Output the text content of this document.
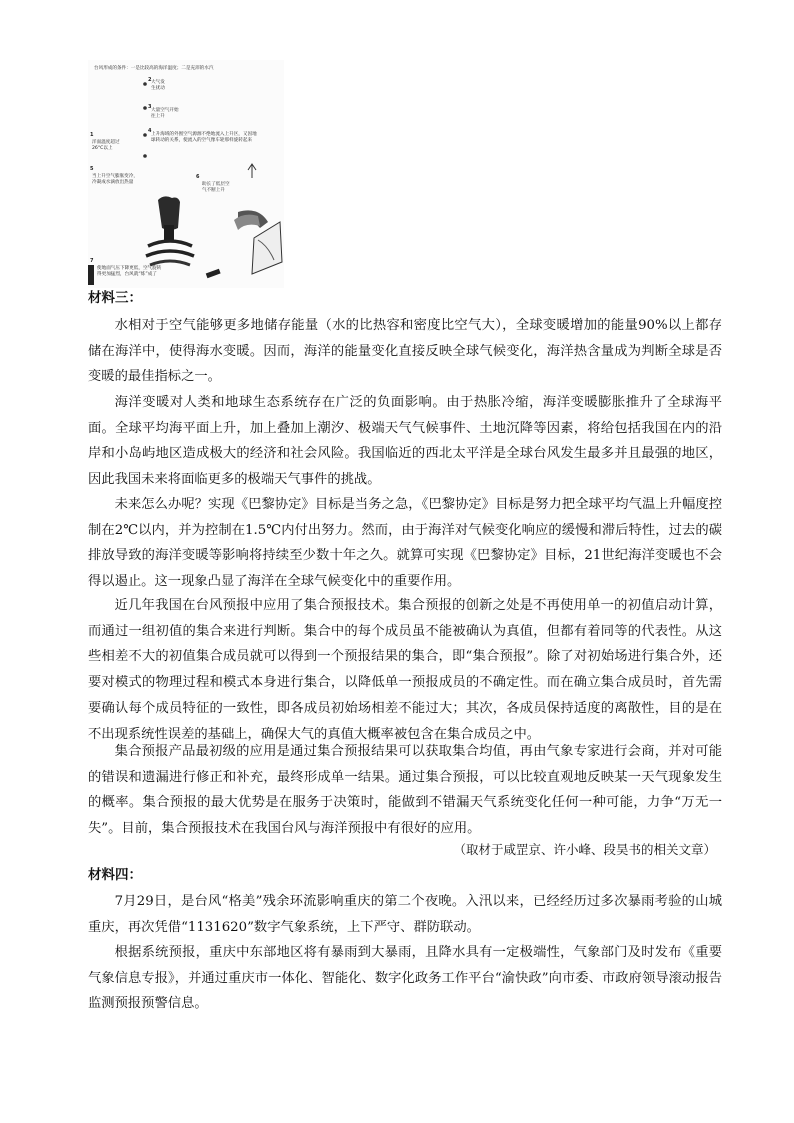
台风形成的条件：一是比较高的海洋温度；二是充沛的水汽
2 大气发
生扰动
3
大量空气开始
往上升
4
上升海域的外围空气源源不绝地流入上升区，又因地
球转动的关系，使流入的空气像车轮那样旋转起来
1
洋面温度超过
26°C以上
5
当上升空气膨胀变冷，
冷凝成水滴放出热量
6
助长了低层空
气不断上升
7
使地面气压下降更低，空气旋转
得更加猛烈，台风就“炼”成了
材料三：

水相对于空气能够更多地储存能量（水的比热容和密度比空气大），全球变暖增加的能量90%以上都存储在海洋中，使得海水变暖。因而，海洋的能量变化直接反映全球气候变化，海洋热含量成为判断全球是否变暖的最佳指标之一。

海洋变暖对人类和地球生态系统存在广泛的负面影响。由于热胀冷缩，海洋变暖膨胀推升了全球海平面。全球平均海平面上升，加上叠加上潮汐、极端天气气候事件、土地沉降等因素，将给包括我国在内的沿岸和小岛屿地区造成极大的经济和社会风险。我国临近的西北太平洋是全球台风发生最多并且最强的地区，因此我国未来将面临更多的极端天气事件的挑战。

未来怎么办呢？实现《巴黎协定》目标是当务之急，《巴黎协定》目标是努力把全球平均气温上升幅度控制在2℃以内，并为控制在1.5℃内付出努力。然而，由于海洋对气候变化响应的缓慢和滞后特性，过去的碳排放导致的海洋变暖等影响将持续至少数十年之久。就算可实现《巴黎协定》目标，21世纪海洋变暖也不会得以遏止。这一现象凸显了海洋在全球气候变化中的重要作用。

近几年我国在台风预报中应用了集合预报技术。集合预报的创新之处是不再使用单一的初值启动计算，而通过一组初值的集合来进行判断。集合中的每个成员虽不能被确认为真值，但都有着同等的代表性。从这些相差不大的初值集合成员就可以得到一个预报结果的集合，即“集合预报”。除了对初始场进行集合外，还要对模式的物理过程和模式本身进行集合，以降低单一预报成员的不确定性。而在确立集合成员时，首先需要确认每个成员特征的一致性，即各成员初始场相差不能过大；其次，各成员保持适度的离散性，目的是在不出现系统性误差的基础上，确保大气的真值大概率被包含在集合成员之中。

集合预报产品最初级的应用是通过集合预报结果可以获取集合均值，再由气象专家进行会商，并对可能的错误和遗漏进行修正和补充，最终形成单一结果。通过集合预报，可以比较直观地反映某一天气现象发生的概率。集合预报的最大优势是在服务于决策时，能做到不错漏天气系统变化任何一种可能，力争“万无一失”。目前，集合预报技术在我国台风与海洋预报中有很好的应用。

（取材于咸罡京、许小峰、段昊书的相关文章）
材料四：

7月29日，是台风“格美”残余环流影响重庆的第二个夜晚。入汛以来，已经经历过多次暴雨考验的山城重庆，再次凭借“1131620”数字气象系统，上下严守、群防联动。

根据系统预报，重庆中东部地区将有暴雨到大暴雨，且降水具有一定极端性，气象部门及时发布《重要气象信息专报》，并通过重庆市一体化、智能化、数字化政务工作平台“渝快政”向市委、市政府领导滚动报告监测预报预警信息。
